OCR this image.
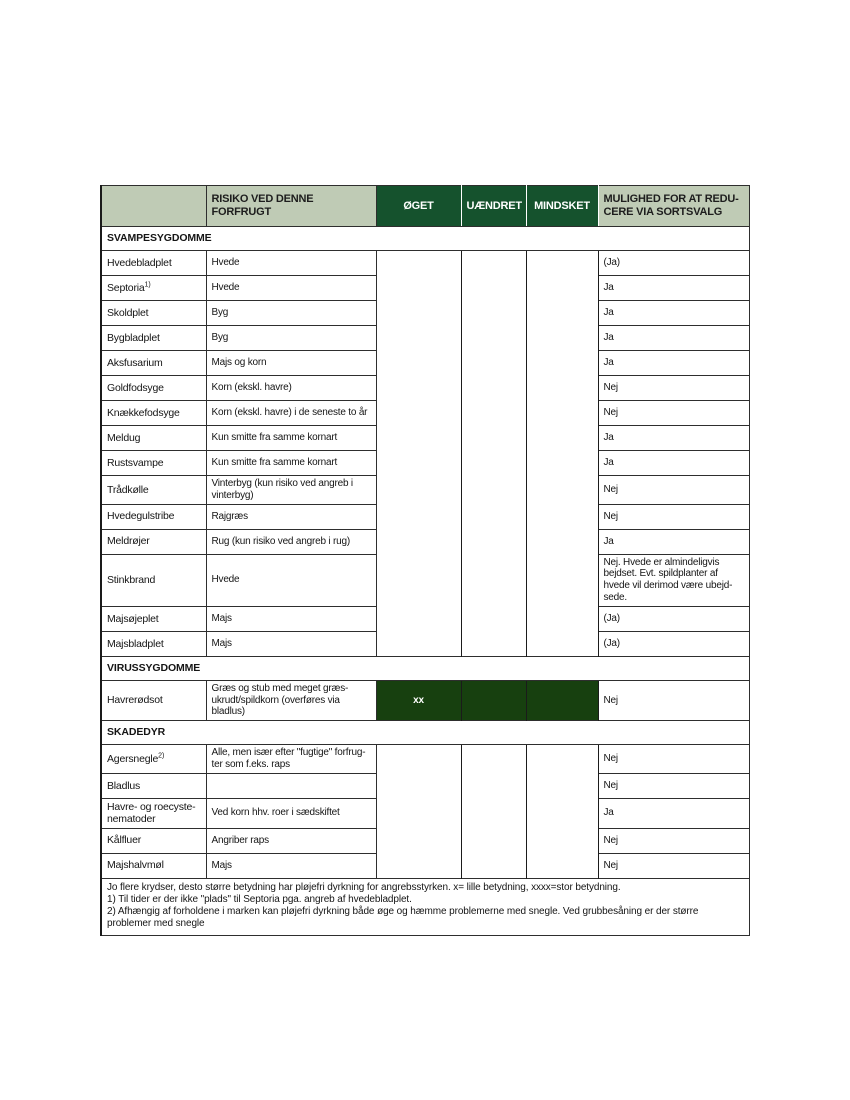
	RISIKO VED DENNE FORFRUGT	ØGET	UÆNDRET	MINDSKET	MULIGHED FOR AT REDU-CERE VIA SORTSVALG
SVAMPESYGDOMME					
Hvedebladplet	Hvede	xxxx			(Ja)
Septoria$^{1)}$	Hvede		x	$x^{1)}$	Ja
Skoldplet	Byg	xx			Ja
Bygbladplet	Byg	xx			Ja
Aksfusarium	Majs og korn	xxx			Ja
Goldfodsyge	Korn (ekskl. havre)		x	(x)	Nej
Knækkefodsyge	Korn (ekskl. havre) i de seneste to år		x		Nej
Meldug	Kun smitte fra samme kornart			x	Ja
Rustsvampe	Kun smitte fra samme kornart	x			Ja
Trådkølle	Vinterbyg (kun risiko ved angreb i vinterbyg)	xx			Nej
Hvedegulstribe	Rajgræs	xx			Nej
Meldrøjer	Rug (kun risiko ved angreb i rug)	xx			Ja
Stinkbrand	Hvede	x			Nej. Hvede er almindeligvis bejdset. Evt. spildplanter af hvede vil derimod være ubejdsede.
Majsøjeplet	Majs	xxxx			(Ja)
Majsbladplet	Majs	xxxx			(Ja)
VIRUSSYGDOMME					
Havrerødsot	Græs og stub med meget græs-ukrudt/spildkorn (overføres via bladlus)	xx			Nej
SKADEDYR					
Agersnegle$^{2)}$	Alle, men især efter "fugtige" forfrugter som f.eks. raps	xxx$^{2)}$	$x^{2)}$		Nej
Bladlus				x	Nej
Havre- og roecyste-nematoder	Ved korn hhv. roer i sædskiftet			x	Ja
Kålfluer	Angriber raps			x	Nej
Majshalvmøl	Majs	xxxx			Nej

Jo flere krydser, desto større betydning har pløjefri dyrkning for angrebsstyrken. x= lille betydning, xxxx=stor betydning.
1) Til tider er der ikke "plads" til Septoria pga. angreb af hvedebladplet.
2) Afhængig af forholdene i marken kan pløjefri dyrkning både øge og hæmme problemerne med snegle. Ved grubbesåning er der større problemer med snegle					
